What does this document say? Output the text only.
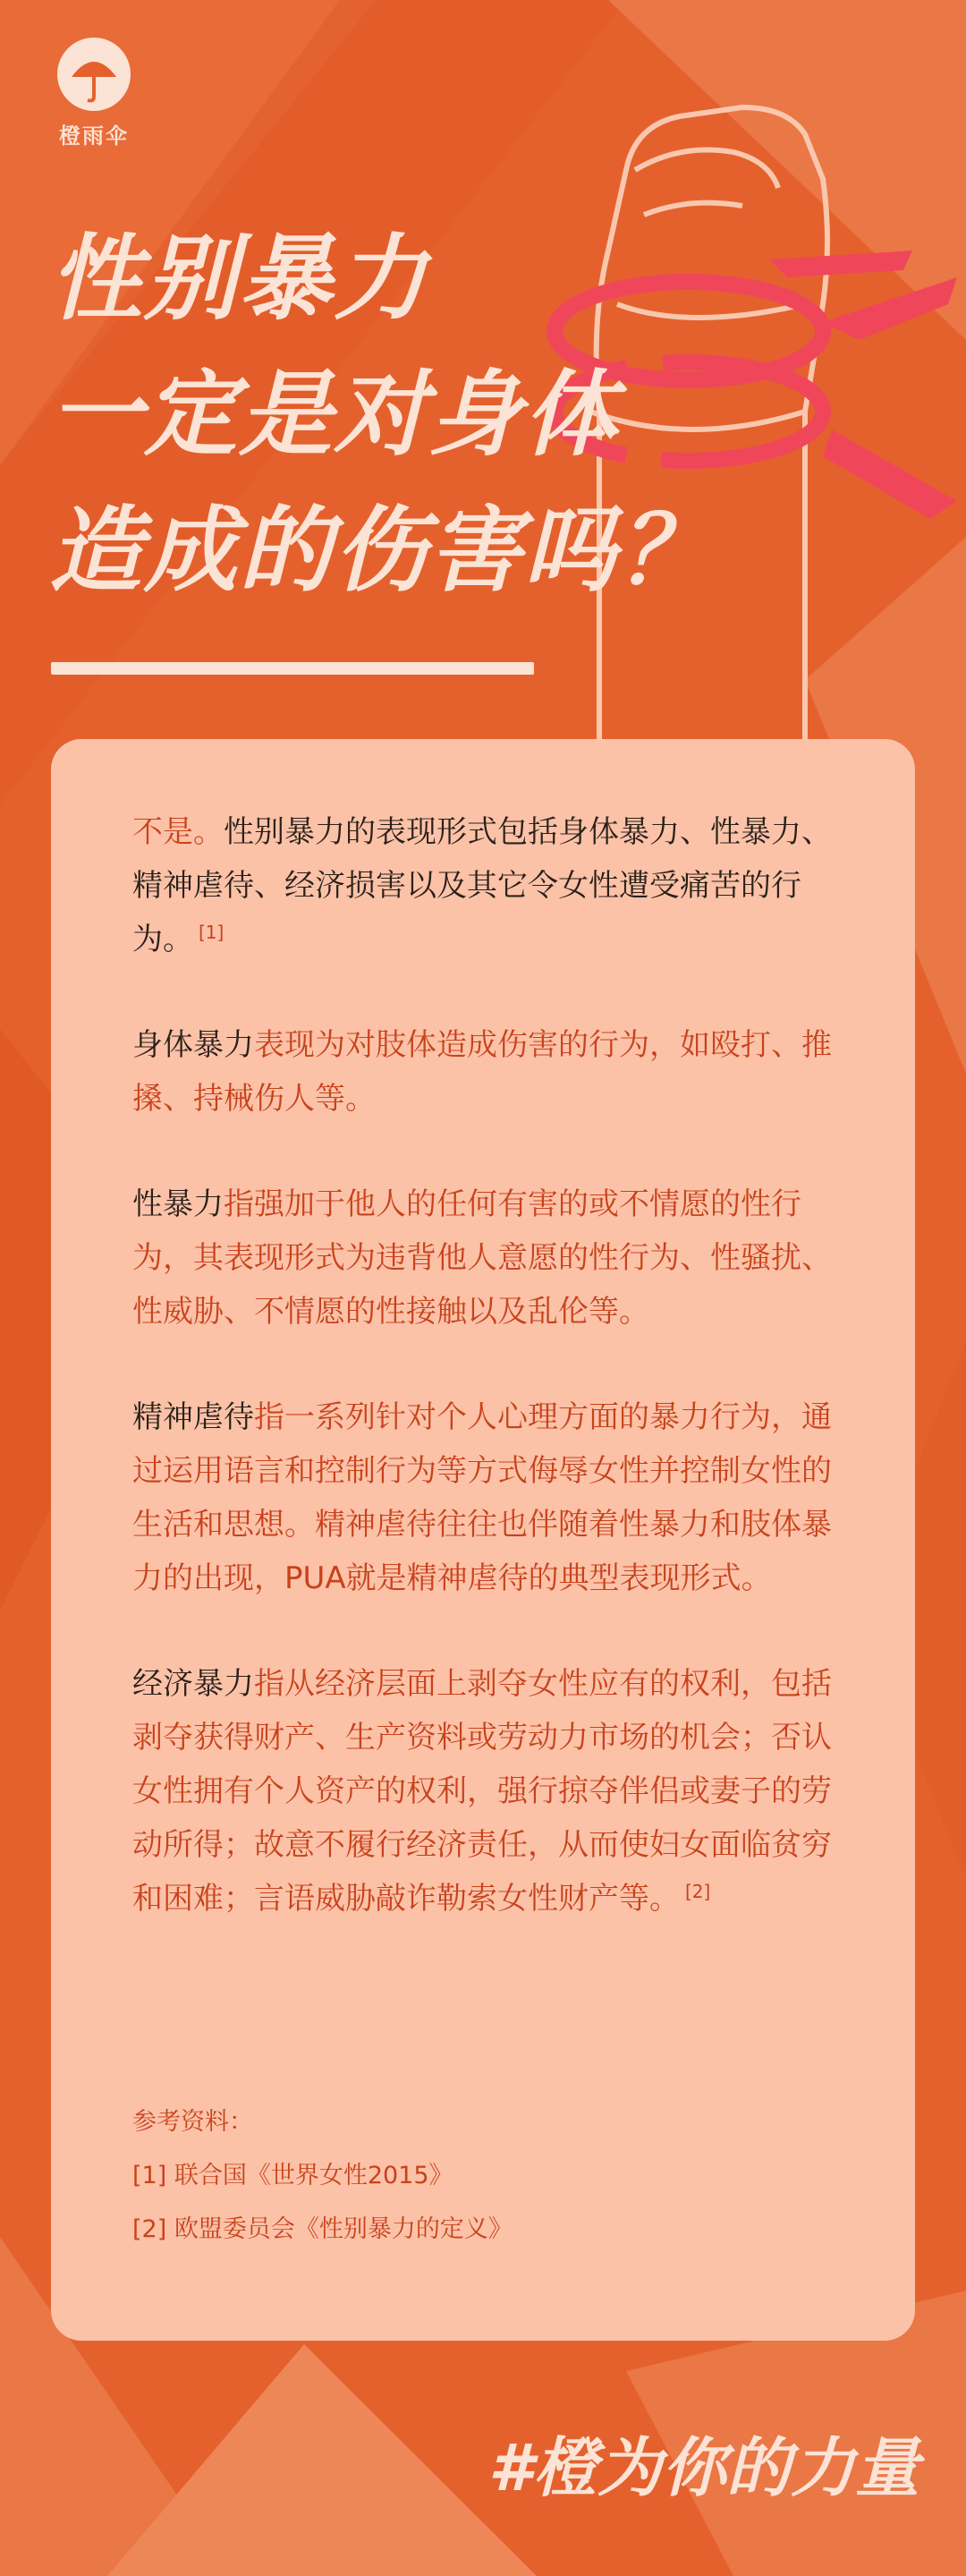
橙雨伞
性别暴力
一定是对身体
造成的伤害吗？

不是。性别暴力的表现形式包括身体暴力、性暴力、精神虐待、经济损害以及其它令女性遭受痛苦的行为。 [1]

身体暴力表现为对肢体造成伤害的行为，如殴打、推搡、持械伤人等。

性暴力指强加于他人的任何有害的或不情愿的性行为，其表现形式为违背他人意愿的性行为、性骚扰、性威胁、不情愿的性接触以及乱伦等。

精神虐待指一系列针对个人心理方面的暴力行为，通过运用语言和控制行为等方式侮辱女性并控制女性的生活和思想。精神虐待往往也伴随着性暴力和肢体暴力的出现，PUA就是精神虐待的典型表现形式。

经济暴力指从经济层面上剥夺女性应有的权利，包括剥夺获得财产、生产资料或劳动力市场的机会；否认女性拥有个人资产的权利，强行掠夺伴侣或妻子的劳动所得；故意不履行经济责任，从而使妇女面临贫穷和困难；言语威胁敲诈勒索女性财产等。 [2]

参考资料：
[1] 联合国《世界女性2015》
[2] 欧盟委员会《性别暴力的定义》
#橙为你的力量
